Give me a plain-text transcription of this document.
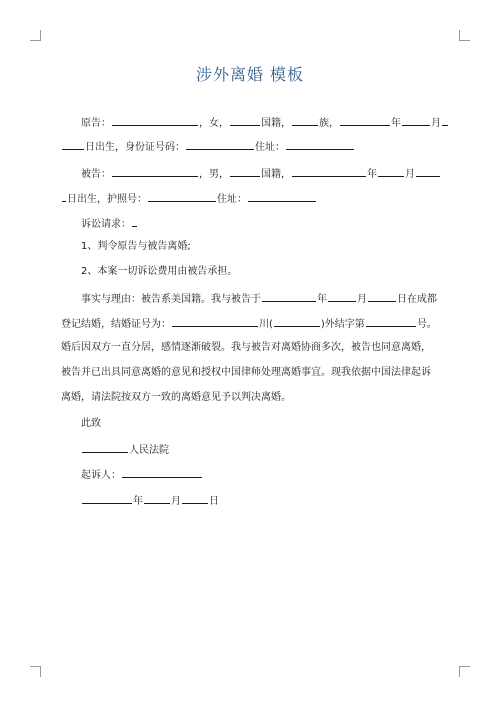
涉外离婚 模板
原告：	，女，	国籍，	族，	年	月
日出生，身份证号码：	住址：
被告：	，男，	国籍，	年	月
日出生，护照号：	住址：
诉讼请求：
1、判令原告与被告离婚;
2、本案一切诉讼费用由被告承担。
事实与理由：被告系美国籍。我与被告于	年	月	日在成都
登记结婚，结婚证号为：	川(	)外结字第	号。
婚后因双方一直分居，感情逐渐破裂。我与被告对离婚协商多次，被告也同意离婚，
被告并已出具同意离婚的意见和授权中国律师处理离婚事宜。现我依据中国法律起诉
离婚，请法院按双方一致的离婚意见予以判决离婚。
此致
人民法院
起诉人：
年	月	日
